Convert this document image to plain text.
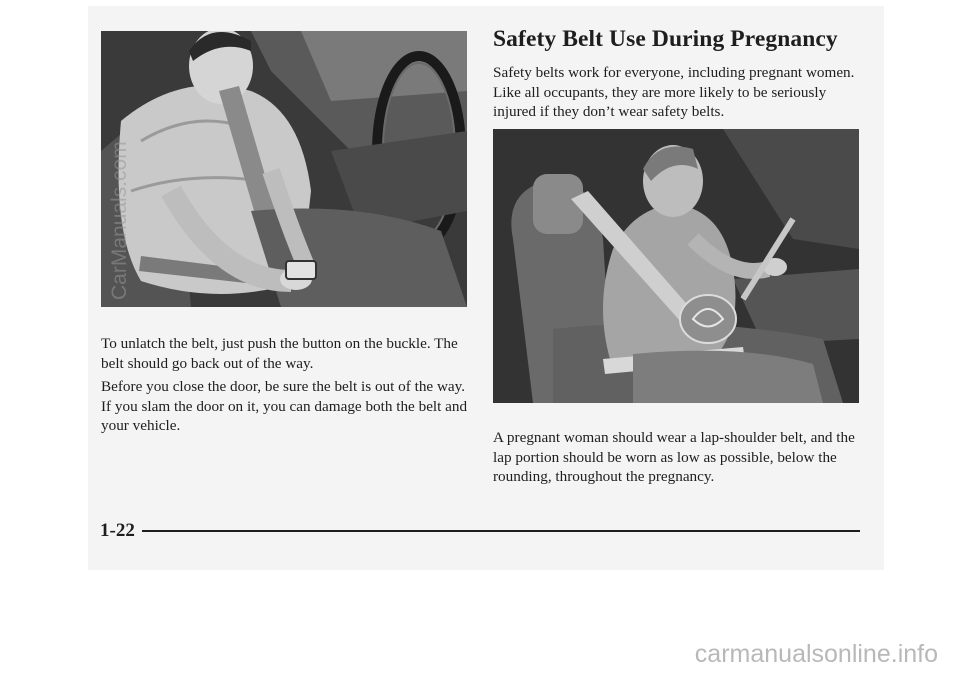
To unlatch the belt, just push the button on the buckle. The belt should go back out of the way.

Before you close the door, be sure the belt is out of the way. If you slam the door on it, you can damage both the belt and your vehicle.

Safety Belt Use During Pregnancy

Safety belts work for everyone, including pregnant women. Like all occupants, they are more likely to be seriously injured if they don’t wear safety belts.

A pregnant woman should wear a lap-shoulder belt, and the lap portion should be worn as low as possible, below the rounding, throughout the pregnancy.

1-22

CarManuals.com

carmanualsonline.info
